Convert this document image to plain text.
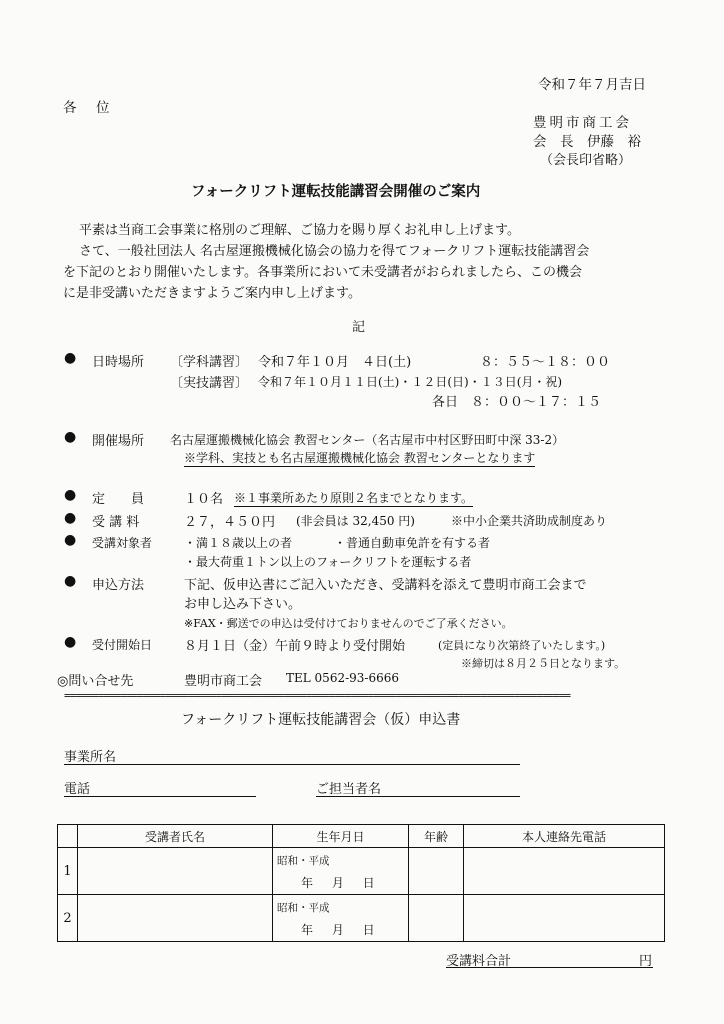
令和７年７月吉日
各　位
豊明市商工会
会　長　伊藤　裕
（会長印省略）
フォークリフト運転技能講習会開催のご案内
平素は当商工会事業に格別のご理解、ご協力を賜り厚くお礼申し上げます。
さて、一般社団法人 名古屋運搬機械化協会の協力を得てフォークリフト運転技能講習会
を下記のとおり開催いたします。各事業所において未受講者がおられましたら、この機会
に是非受講いただきますようご案内申し上げます。
記
● 日時場所 〔学科講習〕 令和７年１０月　４日(土)	８：５５～１８：００
〔実技講習〕 令和７年１０月１１日(土)・１２日(日)・１３日(月・祝)
各日　８：００～１７：１５
● 開催場所 名古屋運搬機械化協会 教習センター（名古屋市中村区野田町中深 33-2）
※学科、実技とも名古屋運搬機械化協会 教習センターとなります
● 定　　員	１０名 ※１事業所あたり原則２名までとなります。
● 受 講 料	２７，４５０円 (非会員は 32,450 円)	※中小企業共済助成制度あり
● 受講対象者	・満１８歳以上の者	・普通自動車免許を有する者
・最大荷重１トン以上のフォークリフトを運転する者
● 申込方法	下記、仮申込書にご記入いただき、受講料を添えて豊明市商工会まで
お申し込み下さい。
※FAX・郵送での申込は受付けておりませんのでご了承ください。
● 受付開始日 ８月１日（金）午前９時より受付開始	(定員になり次第終了いたします。)
※締切は８月２５日となります。
◎問い合せ先	豊明市商工会 TEL 0562-93-6666
==========================================================================================
フォークリフト運転技能講習会（仮）申込書
事業所名
電話	ご担当者名
	受講者氏名	生年月日	年齢	本人連絡先電話
1		昭和・平成
年　 月　 日		

2		昭和・平成
年　 月　 日		

受講料合計	円
